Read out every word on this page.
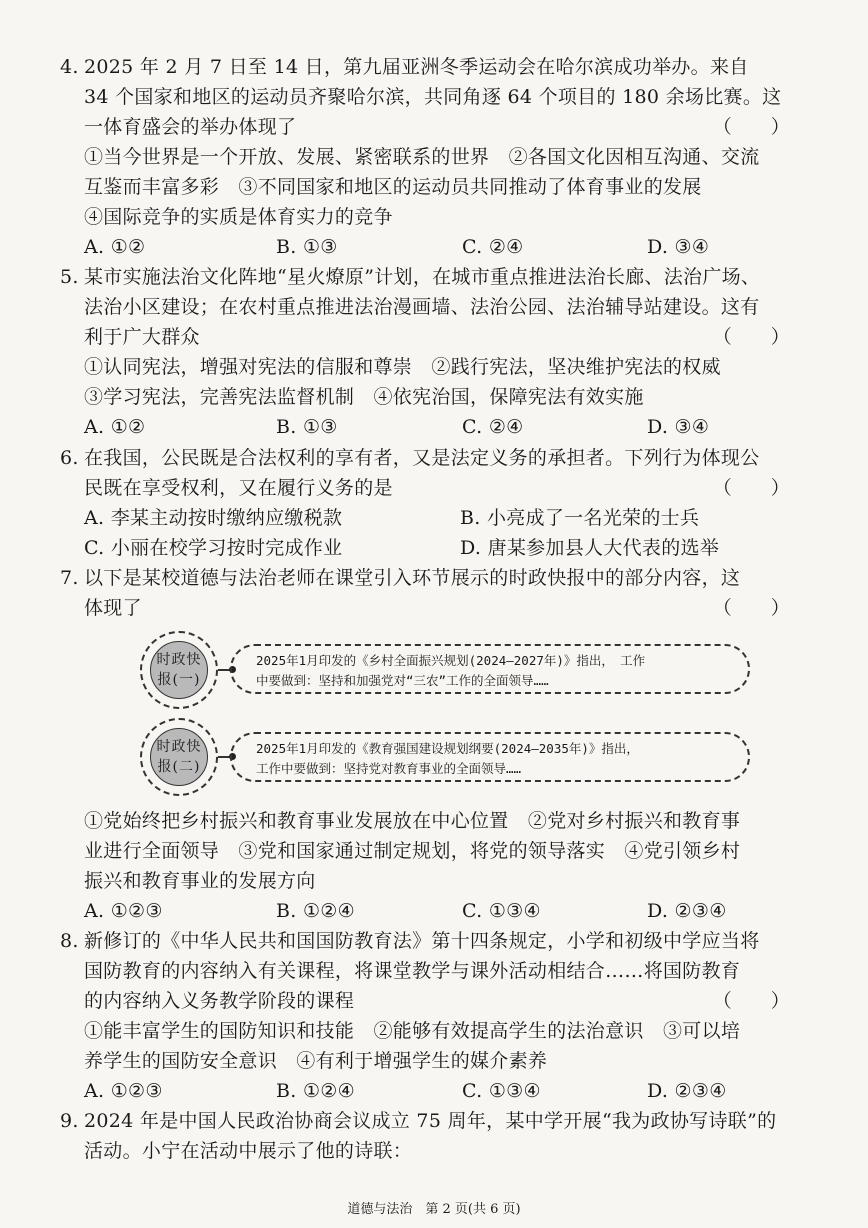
4. 2025 年 2 月 7 日至 14 日，第九届亚洲冬季运动会在哈尔滨成功举办。来自
34 个国家和地区的运动员齐聚哈尔滨，共同角逐 64 个项目的 180 余场比赛。这
一体育盛会的举办体现了	（　　）
①当今世界是一个开放、发展、紧密联系的世界　②各国文化因相互沟通、交流
互鉴而丰富多彩　③不同国家和地区的运动员共同推动了体育事业的发展
④国际竞争的实质是体育实力的竞争
A. ①②	B. ①③	C. ②④	D. ③④
5. 某市实施法治文化阵地“星火燎原”计划，在城市重点推进法治长廊、法治广场、
法治小区建设；在农村重点推进法治漫画墙、法治公园、法治辅导站建设。这有
利于广大群众	（　　）
①认同宪法，增强对宪法的信服和尊崇　②践行宪法，坚决维护宪法的权威
③学习宪法，完善宪法监督机制　④依宪治国，保障宪法有效实施
A. ①②	B. ①③	C. ②④	D. ③④
6. 在我国，公民既是合法权利的享有者，又是法定义务的承担者。下列行为体现公
民既在享受权利，又在履行义务的是	（　　）
A. 李某主动按时缴纳应缴税款	B. 小亮成了一名光荣的士兵
C. 小丽在校学习按时完成作业	D. 唐某参加县人大代表的选举
7. 以下是某校道德与法治老师在课堂引入环节展示的时政快报中的部分内容，这
体现了	（　　）
时政快
报(一)
2025年1月印发的《乡村全面振兴规划(2024—2027年)》指出，　工作
中要做到：坚持和加强党对“三农”工作的全面领导……
时政快
报(二)
2025年1月印发的《教育强国建设规划纲要(2024—2035年)》指出，
工作中要做到：坚持党对教育事业的全面领导……
①党始终把乡村振兴和教育事业发展放在中心位置　②党对乡村振兴和教育事
业进行全面领导　③党和国家通过制定规划，将党的领导落实　④党引领乡村
振兴和教育事业的发展方向
A. ①②③	B. ①②④	C. ①③④	D. ②③④
8. 新修订的《中华人民共和国国防教育法》第十四条规定，小学和初级中学应当将
国防教育的内容纳入有关课程，将课堂教学与课外活动相结合……将国防教育
的内容纳入义务教学阶段的课程	（　　）
①能丰富学生的国防知识和技能　②能够有效提高学生的法治意识　③可以培
养学生的国防安全意识　④有利于增强学生的媒介素养
A. ①②③	B. ①②④	C. ①③④	D. ②③④
9. 2024 年是中国人民政治协商会议成立 75 周年，某中学开展“我为政协写诗联”的
活动。小宁在活动中展示了他的诗联：
道德与法治　第 2 页(共 6 页)
